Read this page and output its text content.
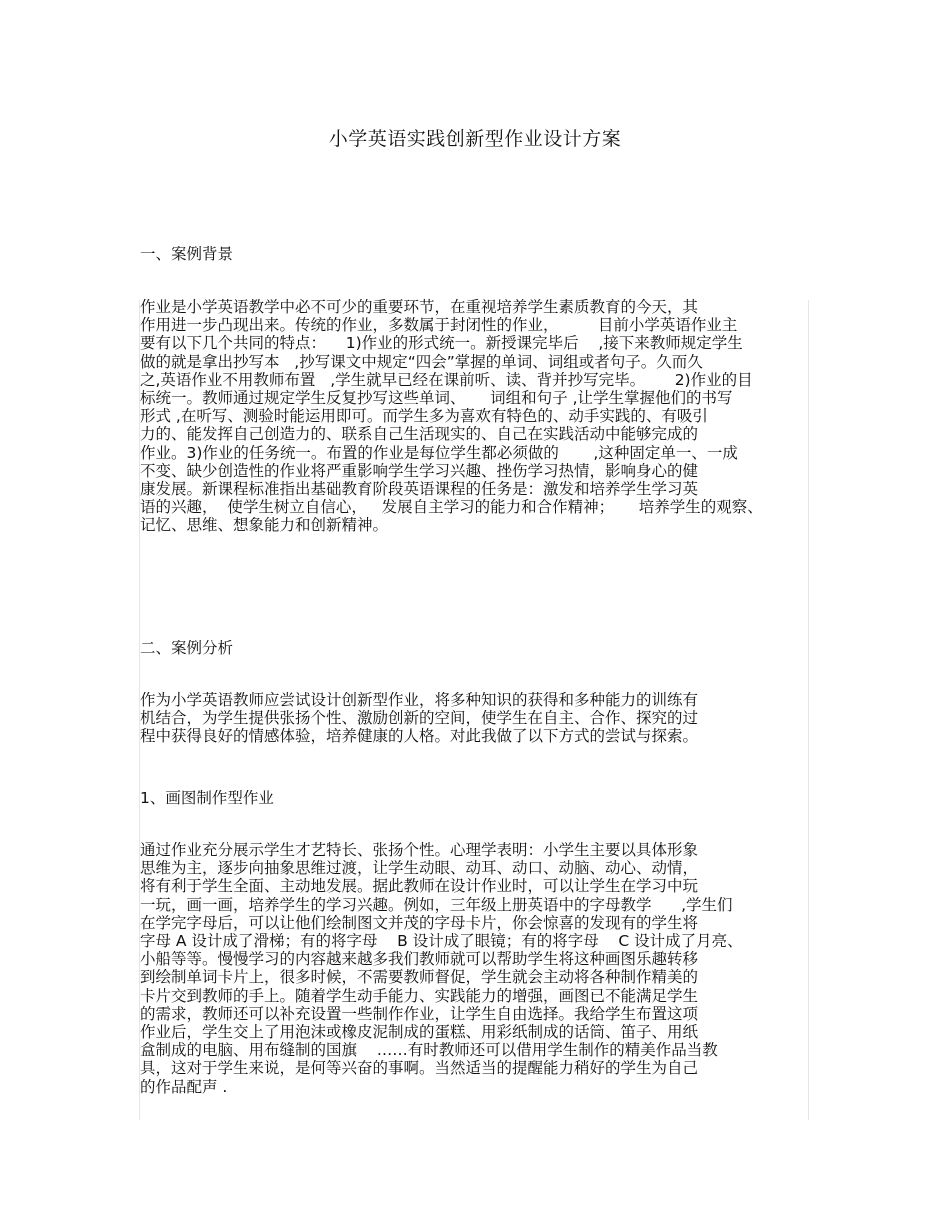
小学英语实践创新型作业设计方案
一、案例背景
作业是小学英语教学中必不可少的重要环节，在重视培养学生素质教育的今天，其
作用进一步凸现出来。传统的作业，多数属于封闭性的作业，        目前小学英语作业主
要有以下几个共同的特点：    1)作业的形式统一。新授课完毕后    ,接下来教师规定学生
做的就是拿出抄写本   ,抄写课文中规定“四会”掌握的单词、词组或者句子。久而久
之,英语作业不用教师布置   ,学生就早已经在课前听、读、背并抄写完毕。      2)作业的目
标统一。教师通过规定学生反复抄写这些单词、     词组和句子 ,让学生掌握他们的书写
形式 ,在听写、测验时能运用即可。而学生多为喜欢有特色的、动手实践的、有吸引
力的、能发挥自己创造力的、联系自己生活现实的、自己在实践活动中能够完成的
作业。3)作业的任务统一。布置的作业是每位学生都必须做的       ,这种固定单一、一成
不变、缺少创造性的作业将严重影响学生学习兴趣、挫伤学习热情，影响身心的健
康发展。新课程标准指出基础教育阶段英语课程的任务是：激发和培养学生学习英
语的兴趣，  使学生树立自信心，   发展自主学习的能力和合作精神；     培养学生的观察、
记忆、思维、想象能力和创新精神。
二、案例分析
作为小学英语教师应尝试设计创新型作业，将多种知识的获得和多种能力的训练有
机结合，为学生提供张扬个性、激励创新的空间，使学生在自主、合作、探究的过
程中获得良好的情感体验，培养健康的人格。对此我做了以下方式的尝试与探索。
1、画图制作型作业
通过作业充分展示学生才艺特长、张扬个性。心理学表明：小学生主要以具体形象
思维为主，逐步向抽象思维过渡，让学生动眼、动耳、动口、动脑、动心、动情，
将有利于学生全面、主动地发展。据此教师在设计作业时，可以让学生在学习中玩
一玩，画一画，培养学生的学习兴趣。例如，三年级上册英语中的字母教学      ,学生们
在学完字母后，可以让他们绘制图文并茂的字母卡片，你会惊喜的发现有的学生将
字母 A 设计成了滑梯；有的将字母    B 设计成了眼镜；有的将字母    C 设计成了月亮、
小船等等。慢慢学习的内容越来越多我们教师就可以帮助学生将这种画图乐趣转移
到绘制单词卡片上，很多时候，不需要教师督促，学生就会主动将各种制作精美的
卡片交到教师的手上。随着学生动手能力、实践能力的增强，画图已不能满足学生
的需求，教师还可以补充设置一些制作作业，让学生自由选择。我给学生布置这项
作业后，学生交上了用泡沫或橡皮泥制成的蛋糕、用彩纸制成的话筒、笛子、用纸
盒制成的电脑、用布缝制的国旗    ……有时教师还可以借用学生制作的精美作品当教
具，这对于学生来说，是何等兴奋的事啊。当然适当的提醒能力稍好的学生为自己
的作品配声 .
